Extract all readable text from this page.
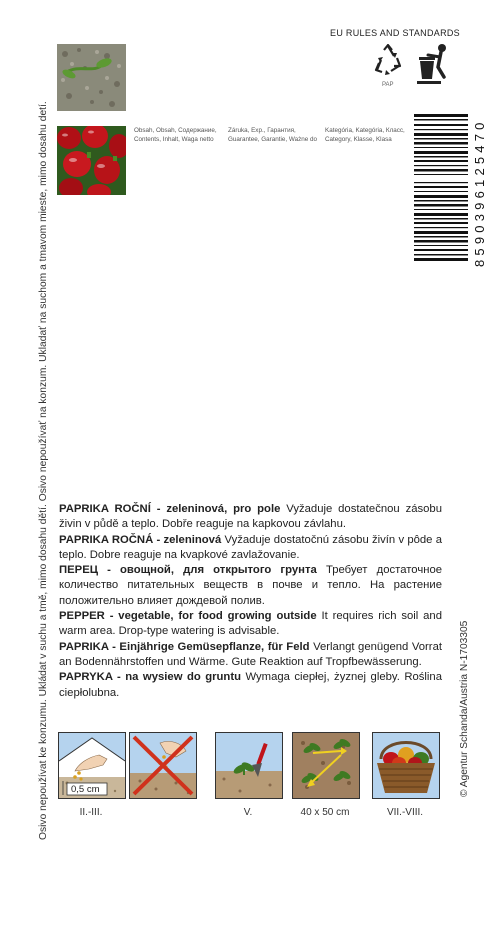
Osivo nepoužívat ke konzumu. Ukládat v suchu a tmě, mimo dosahu dětí. Osivo nepoužívať na konzum. Ukladať na suchom a tmavom mieste, mimo dosahu detí.	© Agentur Schanda/Austria N-1703305
Obsah, Obsah, Содержание,
Contents, Inhalt, Waga netto
Záruka, Exp., Гарантия,
Guarantee, Garantie, Ważne do
Kategória, Kategória, Класс,
Category, Klasse, Klasa
EU RULES AND STANDARDS
PAP
8590396125470

PAPRIKA ROČNÍ - zeleninová, pro pole Vyžaduje dostatečnou zásobu živin v půdě a teplo. Dobře reaguje na kapkovou závlahu.

PAPRIKA ROČNÁ - zeleninová Vyžaduje dostatočnú zásobu živín v pôde a teplo. Dobre reaguje na kvapkové zavlažovanie.

ПЕРЕЦ - овощной, для открытого грунта Требует достаточное количество питательных веществ в почве и тепло. На растение положительно влияет дождевой полив.

PEPPER - vegetable, for food growing outside It requires rich soil and warm area. Drop-type watering is advisable.

PAPRIKA - Einjährige Gemüsepflanze, für Feld Verlangt genügend Vorrat an Bodennährstoffen und Wärme. Gute Reaktion auf Tropfbewässerung.

PAPRYKA - na wysiew do gruntu Wymaga ciepłej, żyznej gleby. Roślina ciepłolubna.

0,5 cm
II.-III.	V.	40 x 50 cm	VII.-VIII.
